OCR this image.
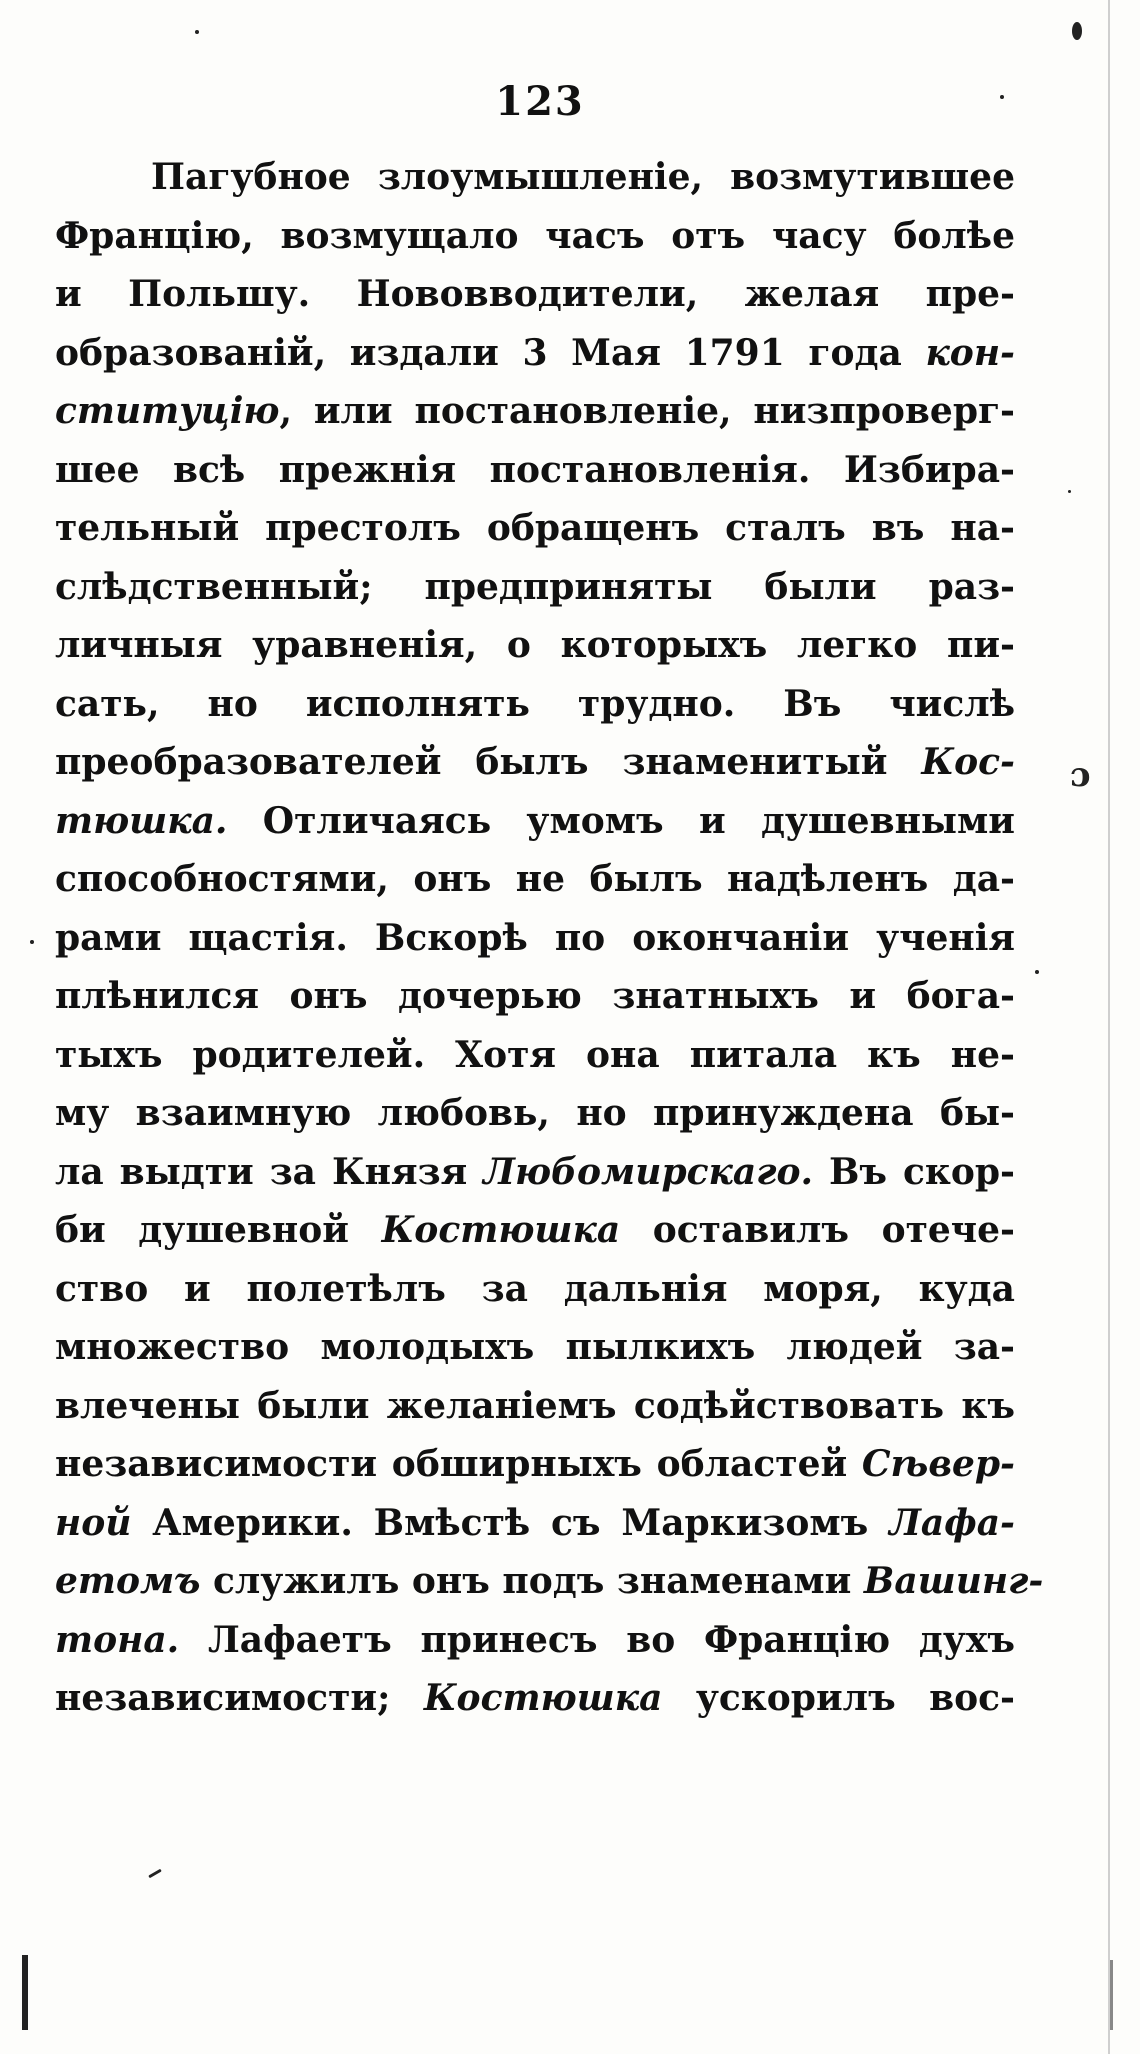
ɔ
123
Пагубное злоумышленіе, возмутившее
Францію, возмущало часъ отъ часу болѣе
и Польшу. Нововводители, желая пре-
образованій, издали 3 Мая 1791 года кон-
ституцію, или постановленіе, низпроверг-
шее всѣ прежнія постановленія. Избира-
тельный престолъ обращенъ сталъ въ на-
слѣдственный; предприняты были раз-
личныя уравненія, о которыхъ легко пи-
сать, но исполнять трудно. Въ числѣ
преобразователей былъ знаменитый Кос-
тюшка. Отличаясь умомъ и душевными
способностями, онъ не былъ надѣленъ да-
рами щастія. Вскорѣ по окончаніи ученія
плѣнился онъ дочерью знатныхъ и бога-
тыхъ родителей. Хотя она питала къ не-
му взаимную любовь, но принуждена бы-
ла выдти за Князя Любомирскаго. Въ скор-
би душевной Костюшка оставилъ отече-
ство и полетѣлъ за дальнія моря, куда
множество молодыхъ пылкихъ людей за-
влечены были желаніемъ содѣйствовать къ
независимости обширныхъ областей Сѣвер-
ной Америки. Вмѣстѣ съ Маркизомъ Лафа-
етомъ служилъ онъ подъ знаменами Вашинг-
тона. Лафаетъ принесъ во Францію духъ
независимости; Костюшка ускорилъ вос-
